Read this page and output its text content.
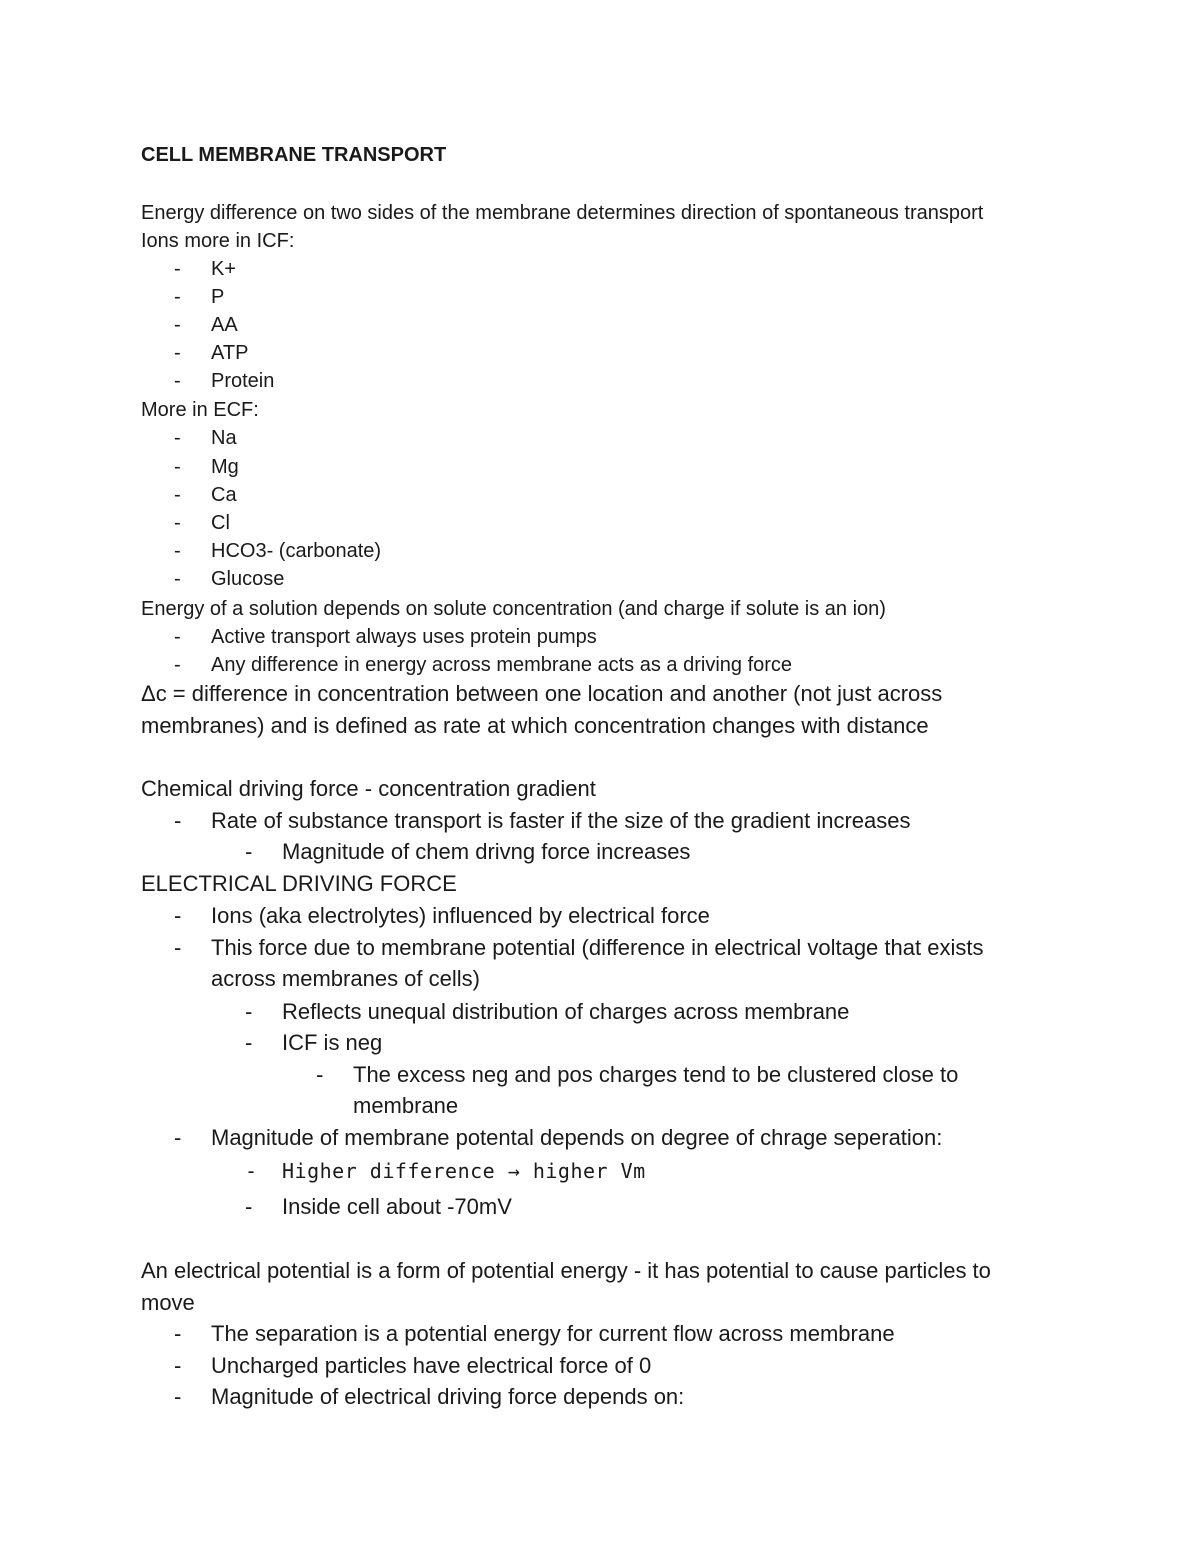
CELL MEMBRANE TRANSPORT
Energy difference on two sides of the membrane determines direction of spontaneous transport
Ions more in ICF:
- K+
- P
- AA
- ATP
- Protein
More in ECF:
- Na
- Mg
- Ca
- Cl
- HCO3- (carbonate)
- Glucose
Energy of a solution depends on solute concentration (and charge if solute is an ion)
- Active transport always uses protein pumps
- Any difference in energy across membrane acts as a driving force
Δc = difference in concentration between one location and another (not just across
membranes) and is defined as rate at which concentration changes with distance
Chemical driving force - concentration gradient
- Rate of substance transport is faster if the size of the gradient increases
- Magnitude of chem drivng force increases
ELECTRICAL DRIVING FORCE
- Ions (aka electrolytes) influenced by electrical force
- This force due to membrane potential (difference in electrical voltage that exists
across membranes of cells)
- Reflects unequal distribution of charges across membrane
- ICF is neg
- The excess neg and pos charges tend to be clustered close to
membrane
- Magnitude of membrane potental depends on degree of chrage seperation:
- Higher difference → higher Vm
- Inside cell about -70mV
An electrical potential is a form of potential energy - it has potential to cause particles to
move
- The separation is a potential energy for current flow across membrane
- Uncharged particles have electrical force of 0
- Magnitude of electrical driving force depends on:
